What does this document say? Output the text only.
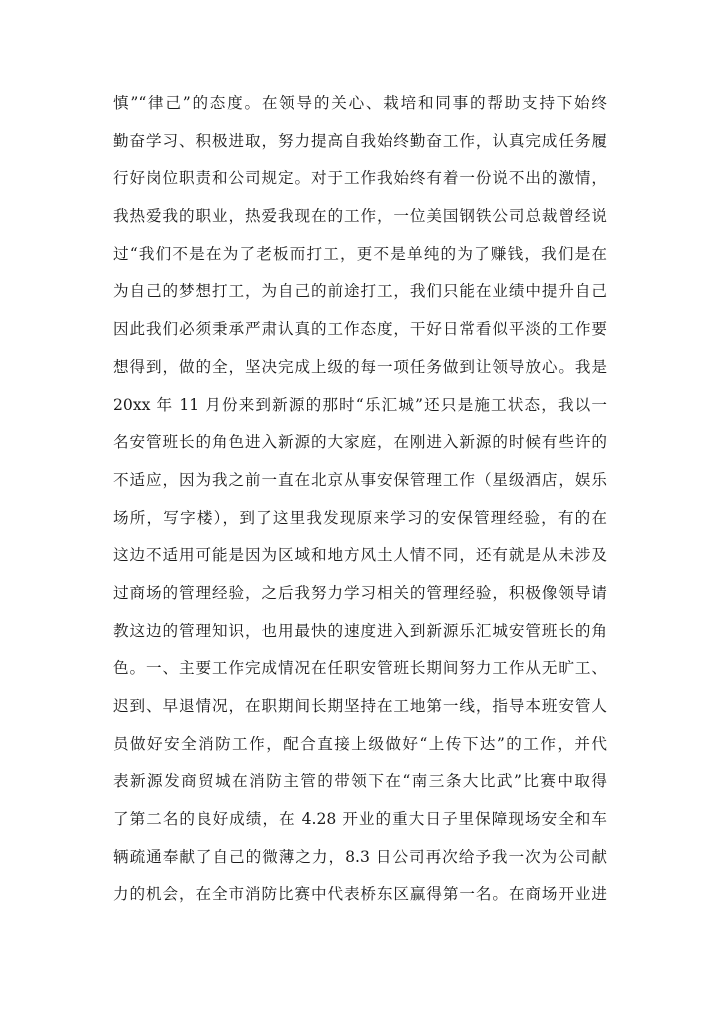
慎”“律己”的态度。在领导的关心、栽培和同事的帮助支持下始终
勤奋学习、积极进取，努力提高自我始终勤奋工作，认真完成任务履
行好岗位职责和公司规定。对于工作我始终有着一份说不出的激情，
我热爱我的职业，热爱我现在的工作，一位美国钢铁公司总裁曾经说
过“我们不是在为了老板而打工，更不是单纯的为了赚钱，我们是在
为自己的梦想打工，为自己的前途打工，我们只能在业绩中提升自己
因此我们必须秉承严肃认真的工作态度，干好日常看似平淡的工作要
想得到，做的全，坚决完成上级的每一项任务做到让领导放心。我是
20xx 年 11 月份来到新源的那时“乐汇城”还只是施工状态，我以一
名安管班长的角色进入新源的大家庭，在刚进入新源的时候有些许的
不适应，因为我之前一直在北京从事安保管理工作（星级酒店，娱乐
场所，写字楼），到了这里我发现原来学习的安保管理经验，有的在
这边不适用可能是因为区域和地方风土人情不同，还有就是从未涉及
过商场的管理经验，之后我努力学习相关的管理经验，积极像领导请
教这边的管理知识，也用最快的速度进入到新源乐汇城安管班长的角
色。一、主要工作完成情况在任职安管班长期间努力工作从无旷工、
迟到、早退情况，在职期间长期坚持在工地第一线，指导本班安管人
员做好安全消防工作，配合直接上级做好“上传下达”的工作，并代
表新源发商贸城在消防主管的带领下在“南三条大比武”比赛中取得
了第二名的良好成绩，在 4.28 开业的重大日子里保障现场安全和车
辆疏通奉献了自己的微薄之力，8.3 日公司再次给予我一次为公司献
力的机会，在全市消防比赛中代表桥东区赢得第一名。在商场开业进
